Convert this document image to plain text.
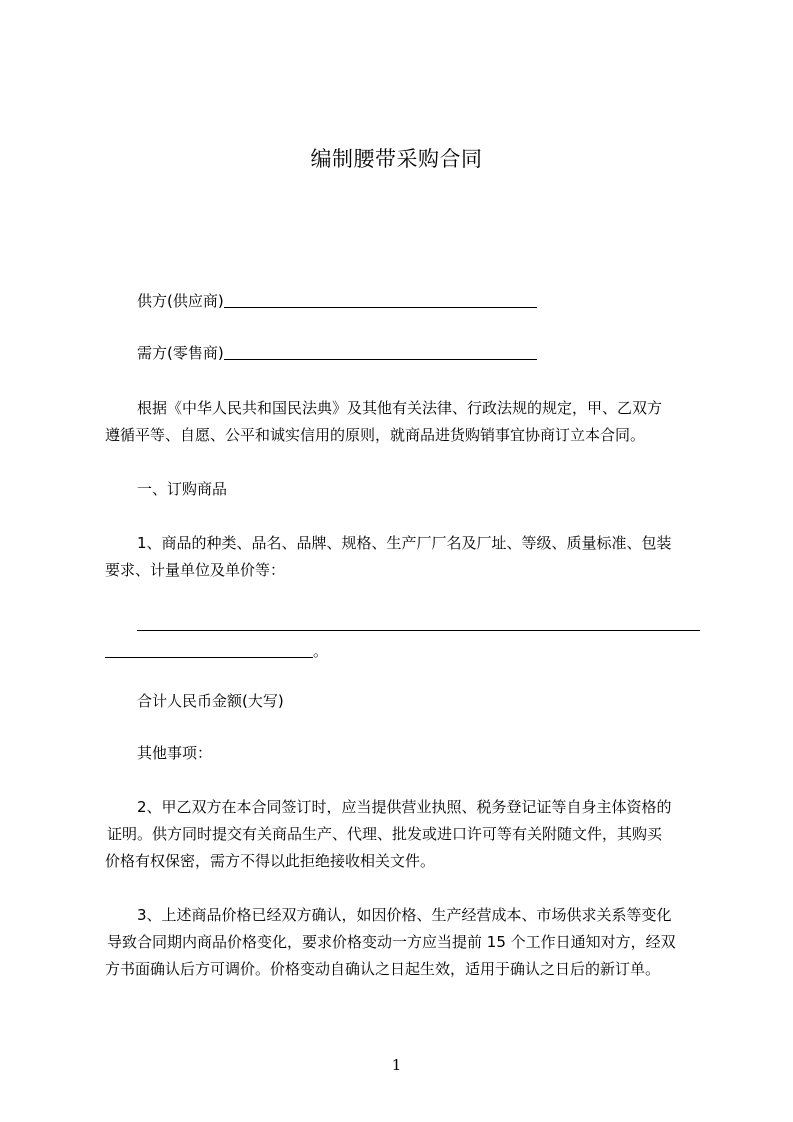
编制腰带采购合同
供方(供应商)
需方(零售商)
根据《中华人民共和国民法典》及其他有关法律、行政法规的规定，甲、乙双方
遵循平等、自愿、公平和诚实信用的原则，就商品进货购销事宜协商订立本合同。
一、订购商品
1、商品的种类、品名、品牌、规格、生产厂厂名及厂址、等级、质量标准、包装
要求、计量单位及单价等：
。
合计人民币金额(大写)
其他事项：
2、甲乙双方在本合同签订时，应当提供营业执照、税务登记证等自身主体资格的
证明。供方同时提交有关商品生产、代理、批发或进口许可等有关附随文件，其购买
价格有权保密，需方不得以此拒绝接收相关文件。
3、上述商品价格已经双方确认，如因价格、生产经营成本、市场供求关系等变化
导致合同期内商品价格变化，要求价格变动一方应当提前 15 个工作日通知对方，经双
方书面确认后方可调价。价格变动自确认之日起生效，适用于确认之日后的新订单。
1
